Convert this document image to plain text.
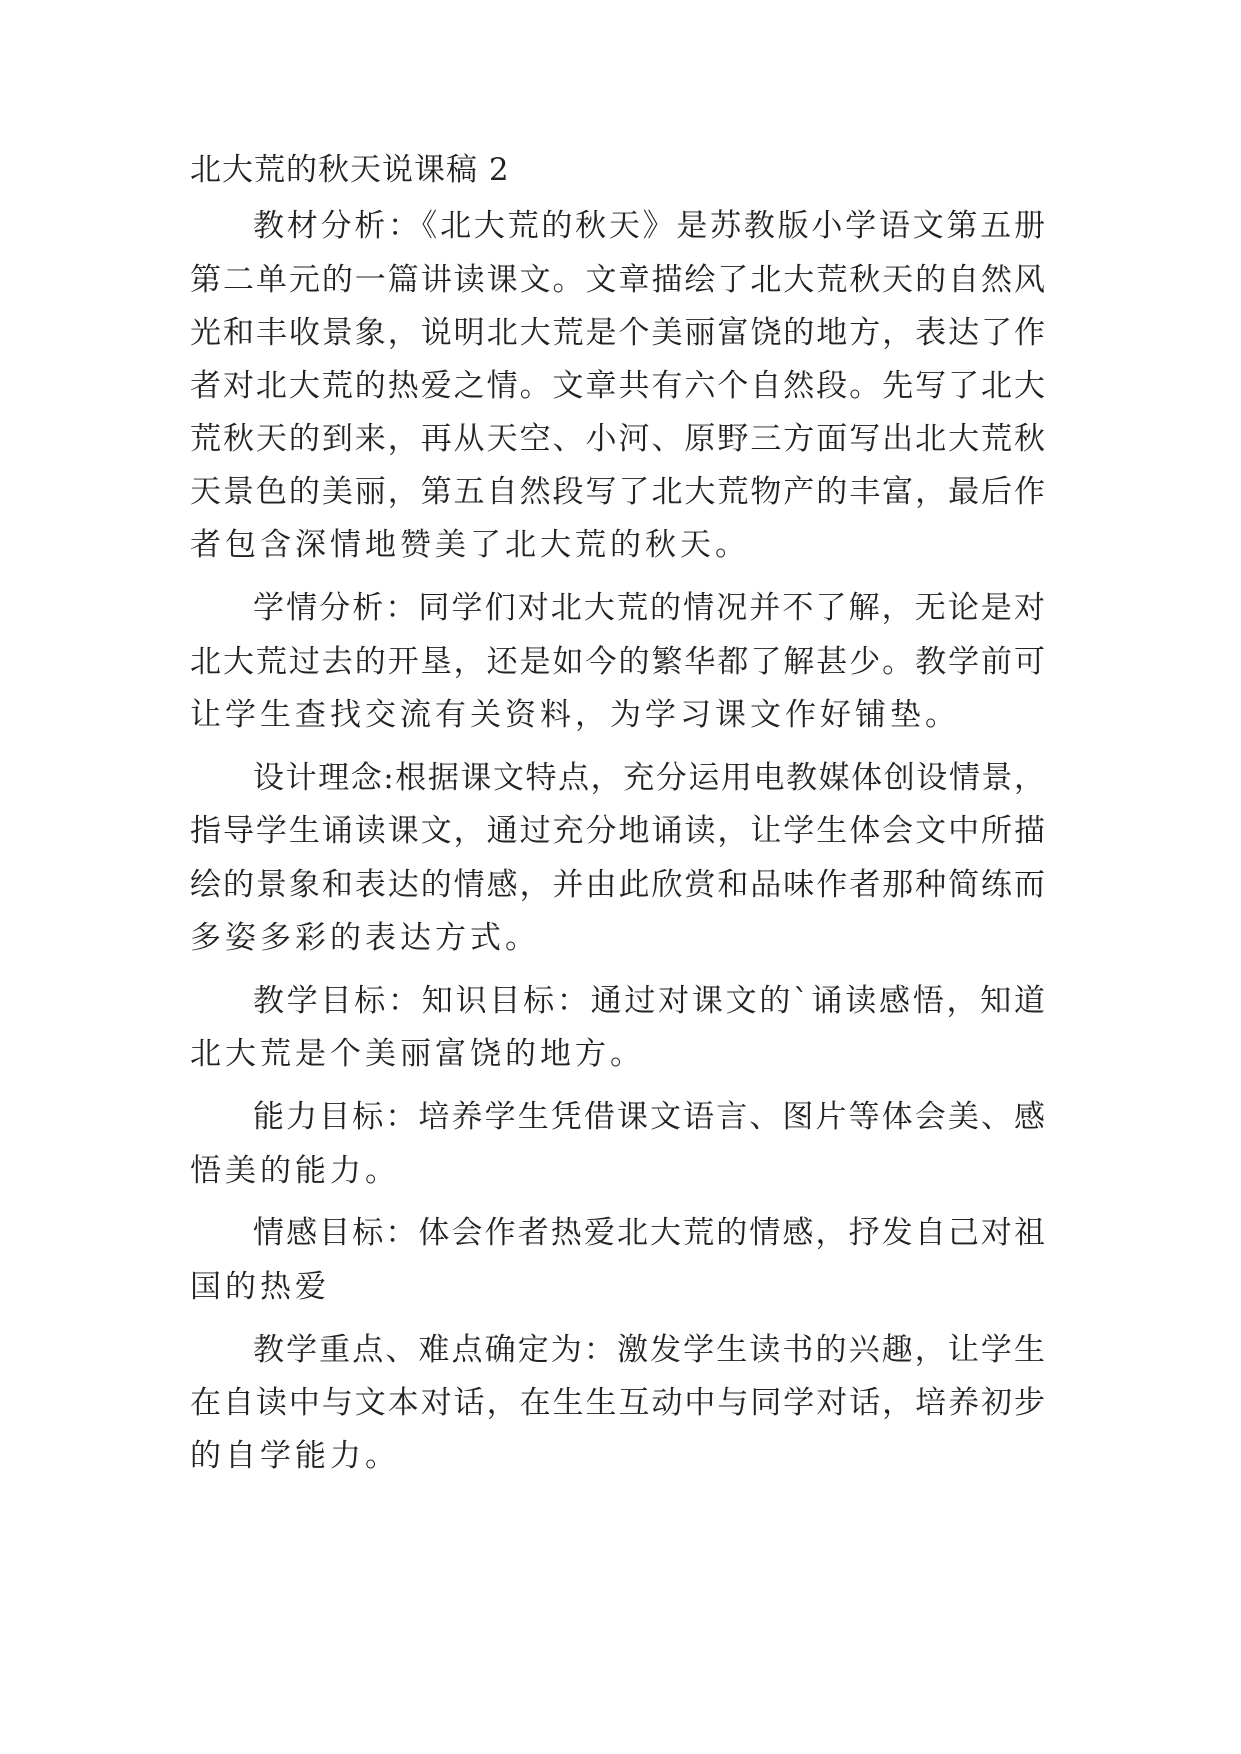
北大荒的秋天说课稿 2
教材分析：《北大荒的秋天》是苏教版小学语文第五册
第二单元的一篇讲读课文。文章描绘了北大荒秋天的自然风
光和丰收景象，说明北大荒是个美丽富饶的地方，表达了作
者对北大荒的热爱之情。文章共有六个自然段。先写了北大
荒秋天的到来，再从天空、小河、原野三方面写出北大荒秋
天景色的美丽，第五自然段写了北大荒物产的丰富，最后作
者包含深情地赞美了北大荒的秋天。
学情分析：同学们对北大荒的情况并不了解，无论是对
北大荒过去的开垦，还是如今的繁华都了解甚少。教学前可
让学生查找交流有关资料，为学习课文作好铺垫。
设计理念:根据课文特点，充分运用电教媒体创设情景，
指导学生诵读课文，通过充分地诵读，让学生体会文中所描
绘的景象和表达的情感，并由此欣赏和品味作者那种简练而
多姿多彩的表达方式。
教学目标：知识目标：通过对课文的`诵读感悟，知道
北大荒是个美丽富饶的地方。
能力目标：培养学生凭借课文语言、图片等体会美、感
悟美的能力。
情感目标：体会作者热爱北大荒的情感，抒发自己对祖
国的热爱
教学重点、难点确定为：激发学生读书的兴趣，让学生
在自读中与文本对话，在生生互动中与同学对话，培养初步
的自学能力。
